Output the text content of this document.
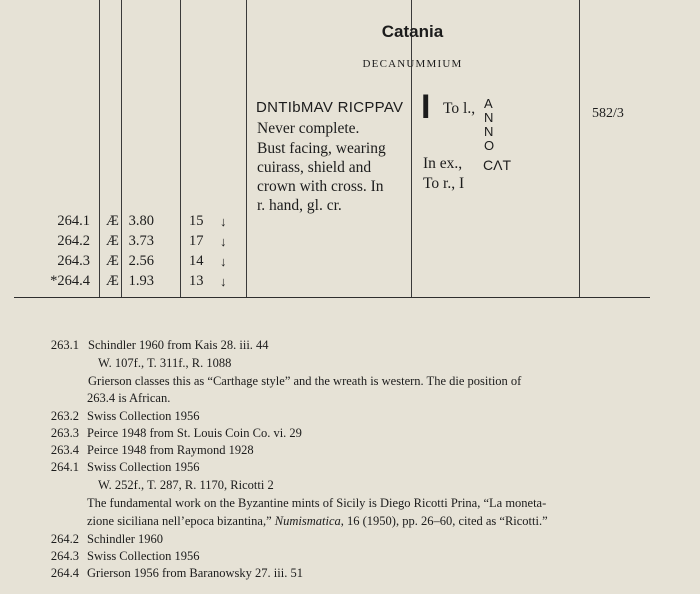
Catania
DECANUMMIUM
DNTIbMAV RICPPAV
Never complete.
Bust facing, wearing
cuirass, shield and
crown with cross. In
r. hand, gl. cr.
I To l., A
N
N
O
In ex., CΛT
To r., I
582/3
264.1 Æ 3.80 15 ↓
264.2 Æ 3.73 17 ↓
264.3 Æ 2.56 14 ↓
*264.4 Æ 1.93 13 ↓
263.1 Schindler 1960 from Kais 28. iii. 44
W. 107f., T. 311f., R. 1088
Grierson classes this as “Carthage style” and the wreath is western. The die position of
263.4 is African.
263.2 Swiss Collection 1956
263.3 Peirce 1948 from St. Louis Coin Co. vi. 29
263.4 Peirce 1948 from Raymond 1928
264.1 Swiss Collection 1956
W. 252f., T. 287, R. 1170, Ricotti 2
The fundamental work on the Byzantine mints of Sicily is Diego Ricotti Prina, “La moneta-
zione siciliana nell’epoca bizantina,” Numismatica, 16 (1950), pp. 26–60, cited as “Ricotti.”
264.2 Schindler 1960
264.3 Swiss Collection 1956
264.4 Grierson 1956 from Baranowsky 27. iii. 51
